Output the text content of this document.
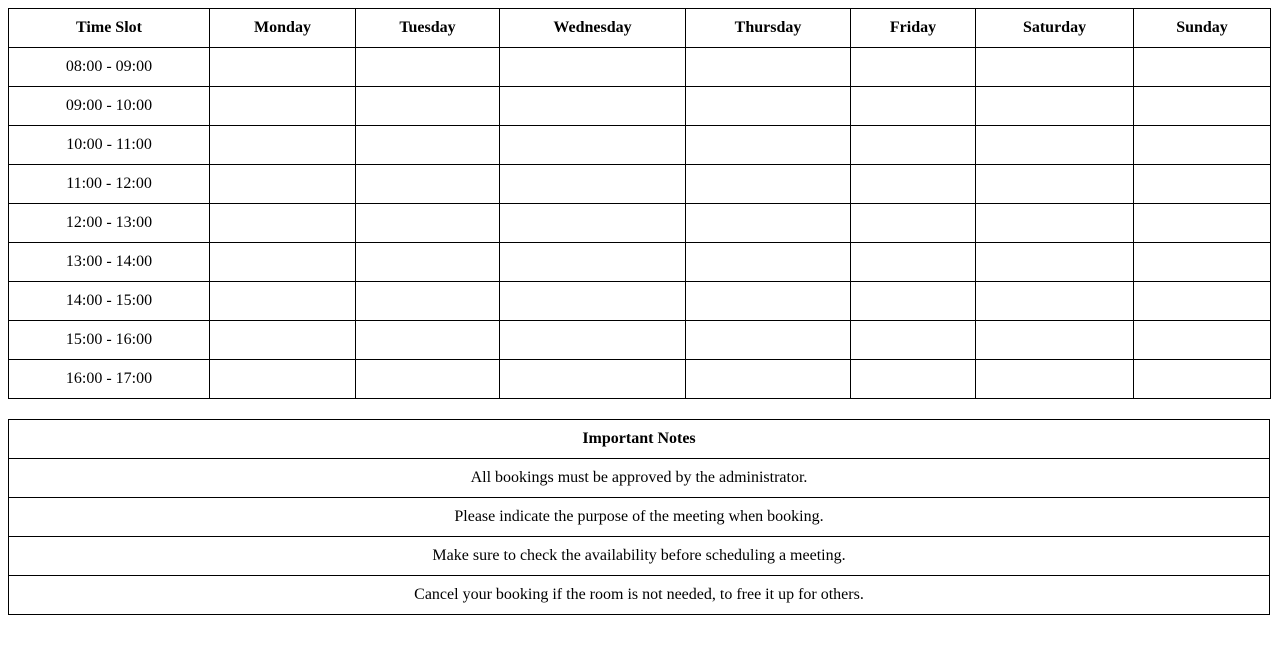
Time Slot	Monday	Tuesday	Wednesday	Thursday	Friday	Saturday	Sunday
08:00 - 09:00							
09:00 - 10:00							
10:00 - 11:00							
11:00 - 12:00							
12:00 - 13:00							
13:00 - 14:00							
14:00 - 15:00							
15:00 - 16:00							
16:00 - 17:00							
Important Notes
All bookings must be approved by the administrator.
Please indicate the purpose of the meeting when booking.
Make sure to check the availability before scheduling a meeting.
Cancel your booking if the room is not needed, to free it up for others.
